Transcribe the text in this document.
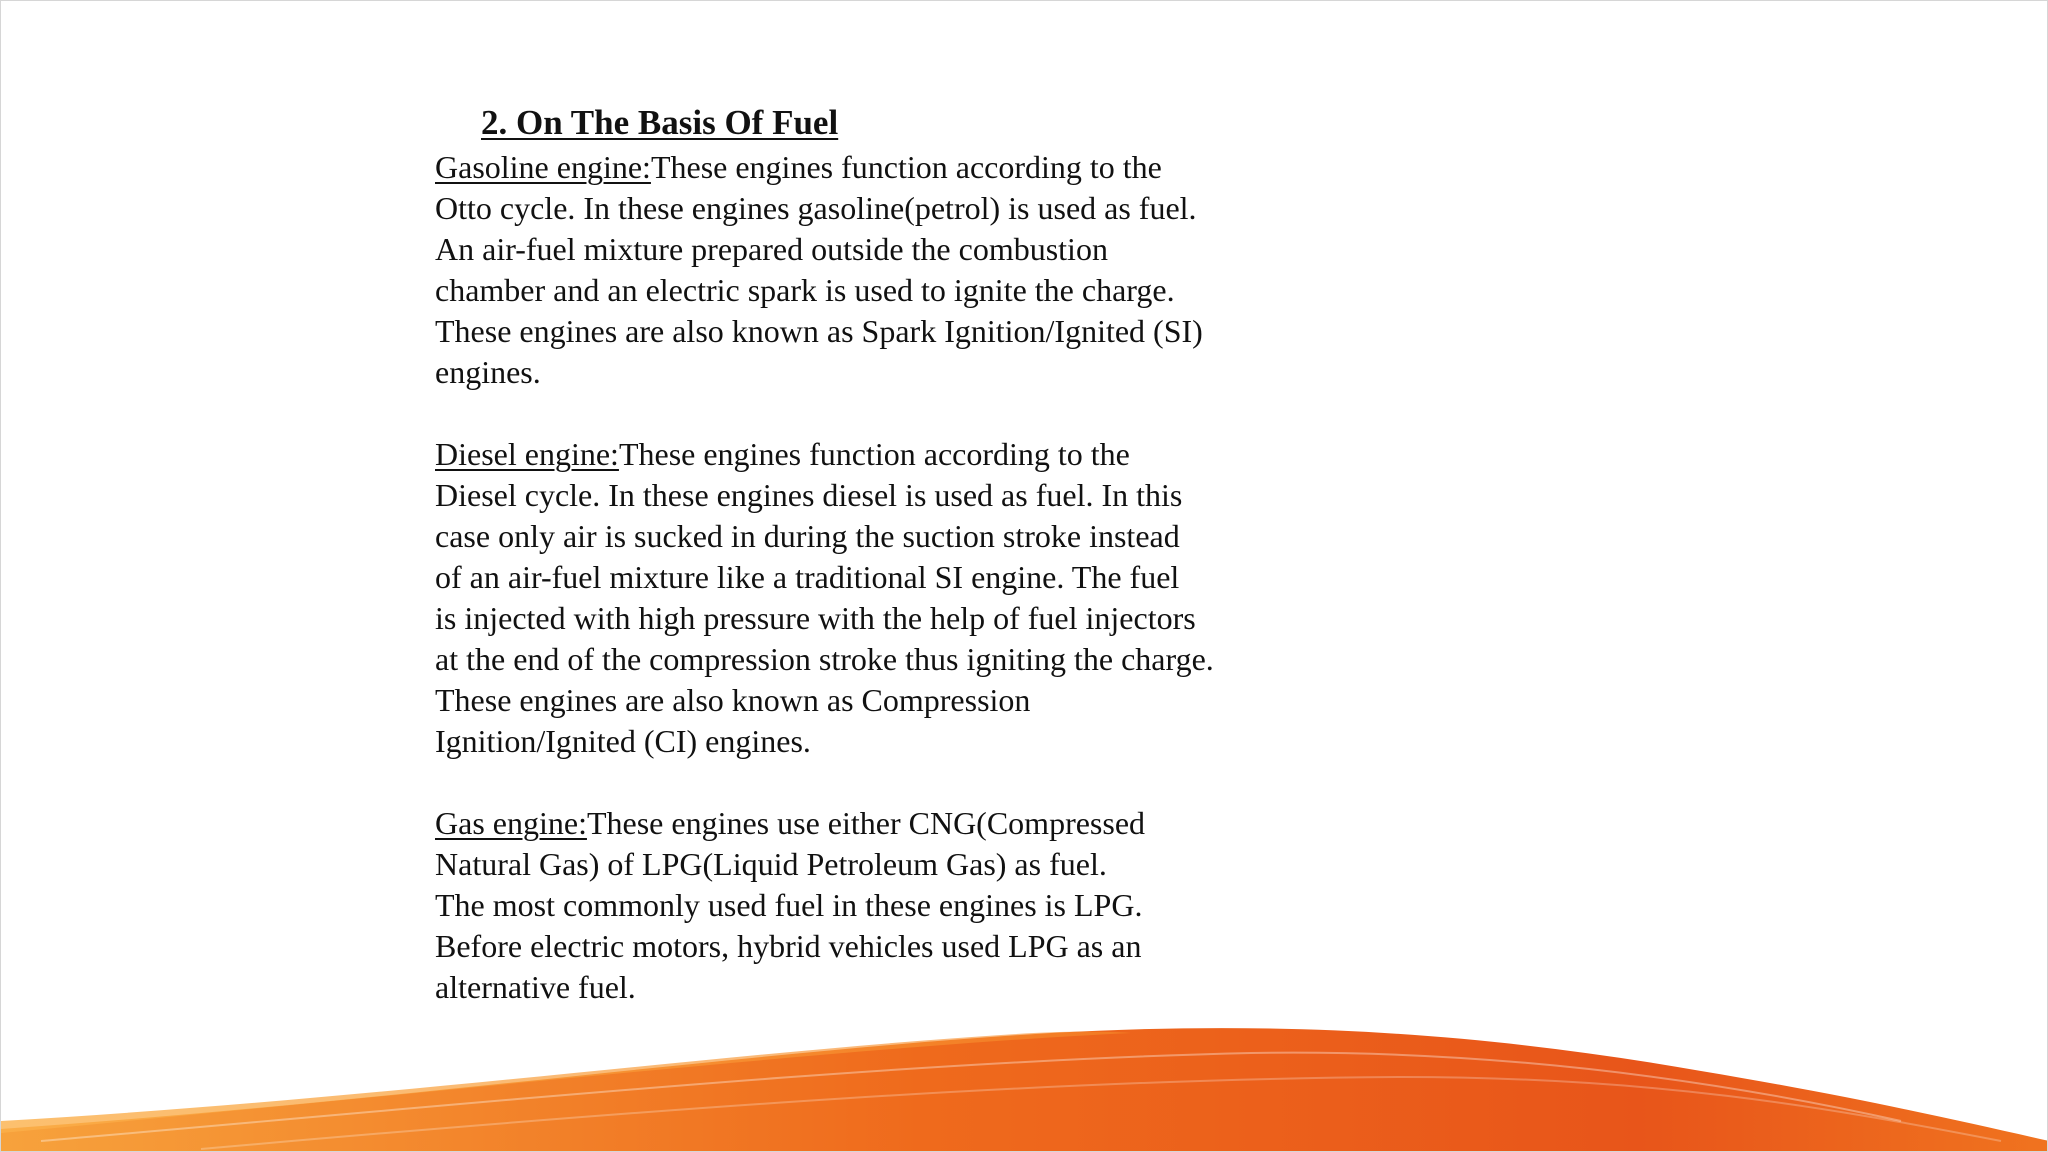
2. On The Basis Of Fuel

Gasoline engine:These engines function according to the
Otto cycle. In these engines gasoline(petrol) is used as fuel.
An air-fuel mixture prepared outside the combustion
chamber and an electric spark is used to ignite the charge.
These engines are also known as Spark Ignition/Ignited (SI)
engines.

Diesel engine:These engines function according to the
Diesel cycle. In these engines diesel is used as fuel. In this
case only air is sucked in during the suction stroke instead
of an air-fuel mixture like a traditional SI engine. The fuel
is injected with high pressure with the help of fuel injectors
at the end of the compression stroke thus igniting the charge.
These engines are also known as Compression
Ignition/Ignited (CI) engines.

Gas engine:These engines use either CNG(Compressed
Natural Gas) of LPG(Liquid Petroleum Gas) as fuel.
The most commonly used fuel in these engines is LPG.
Before electric motors, hybrid vehicles used LPG as an
alternative fuel.
